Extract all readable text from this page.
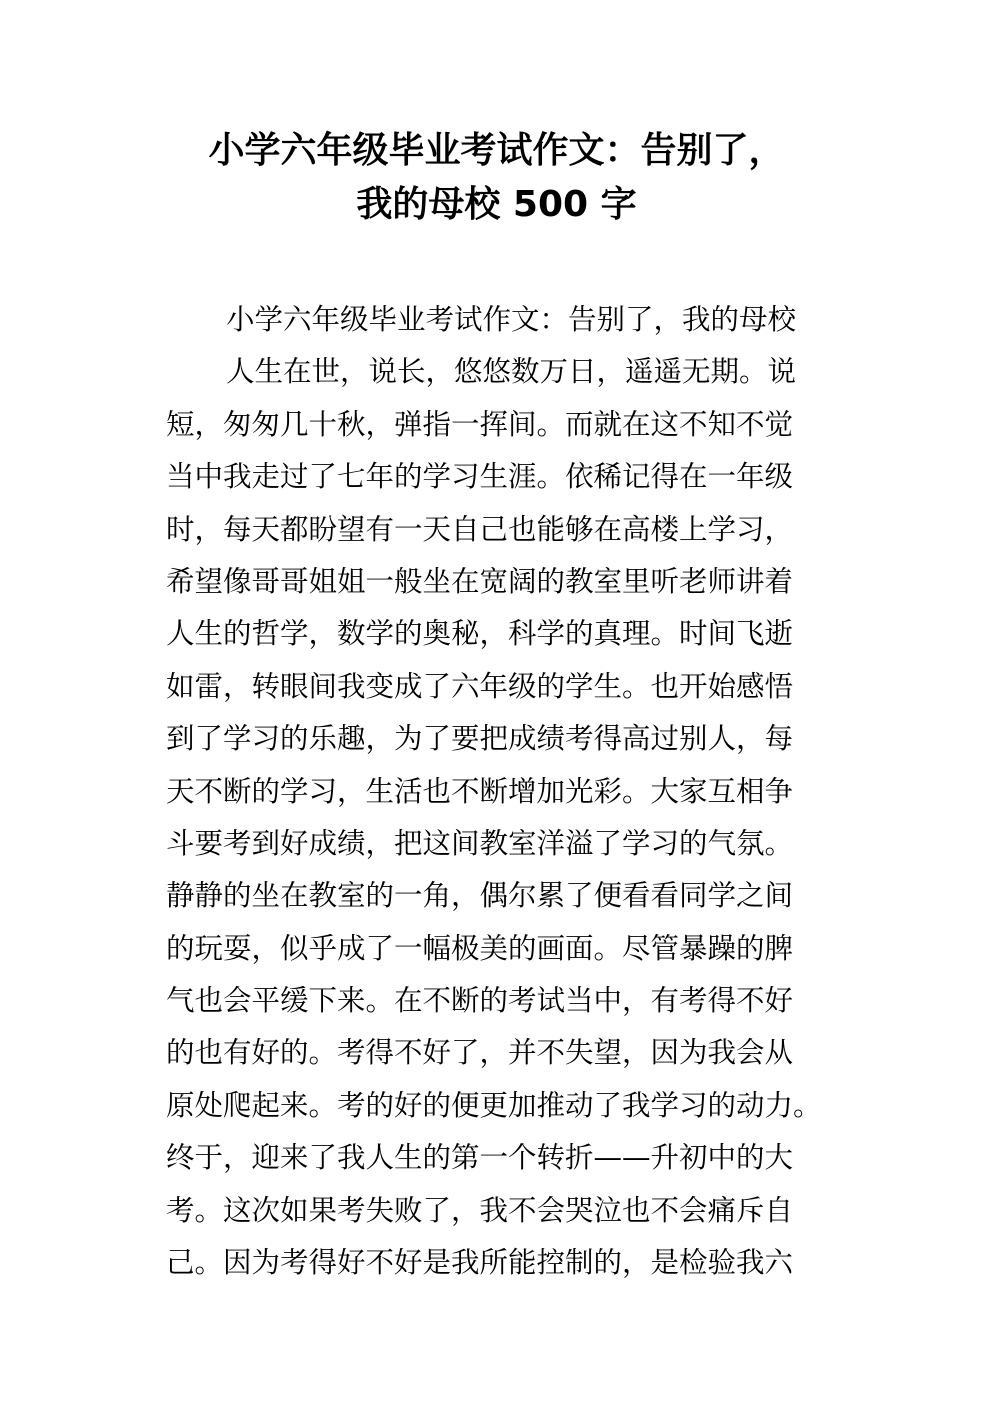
小学六年级毕业考试作文：告别了，
我的母校 500 字
小学六年级毕业考试作文：告别了，我的母校
人生在世，说长，悠悠数万日，遥遥无期。说
短，匆匆几十秋，弹指一挥间。而就在这不知不觉
当中我走过了七年的学习生涯。依稀记得在一年级
时，每天都盼望有一天自己也能够在高楼上学习，
希望像哥哥姐姐一般坐在宽阔的教室里听老师讲着
人生的哲学，数学的奥秘，科学的真理。时间飞逝
如雷，转眼间我变成了六年级的学生。也开始感悟
到了学习的乐趣，为了要把成绩考得高过别人，每
天不断的学习，生活也不断增加光彩。大家互相争
斗要考到好成绩，把这间教室洋溢了学习的气氛。
静静的坐在教室的一角，偶尔累了便看看同学之间
的玩耍，似乎成了一幅极美的画面。尽管暴躁的脾
气也会平缓下来。在不断的考试当中，有考得不好
的也有好的。考得不好了，并不失望，因为我会从
原处爬起来。考的好的便更加推动了我学习的动力。
终于，迎来了我人生的第一个转折——升初中的大
考。这次如果考失败了，我不会哭泣也不会痛斥自
己。因为考得好不好是我所能控制的，是检验我六
